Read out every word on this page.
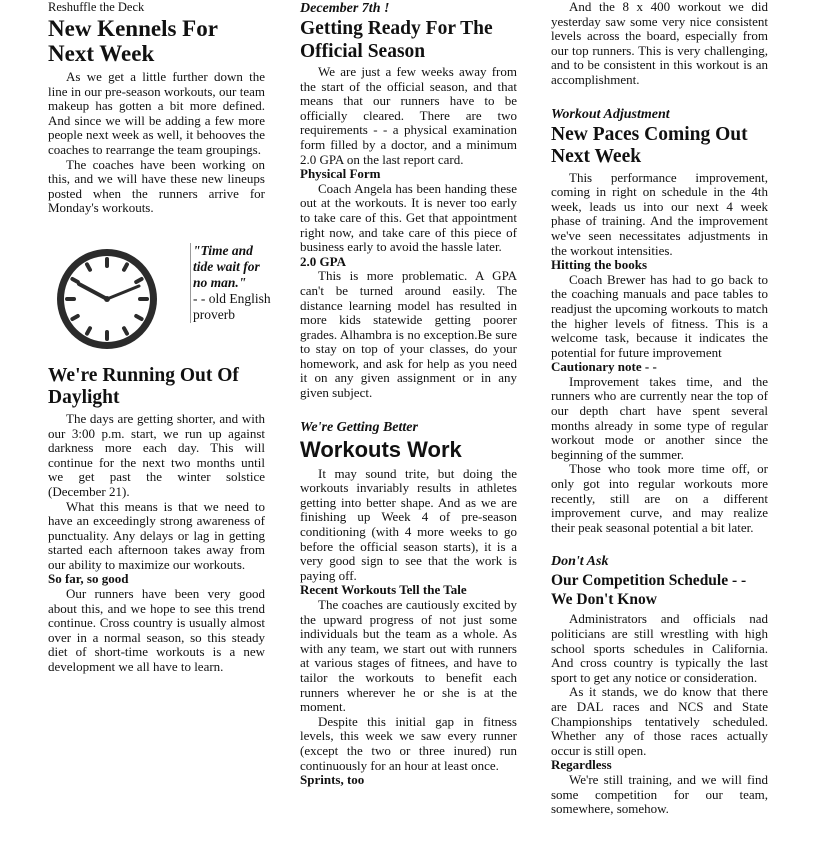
Reshuffle the Deck
New Kennels For Next Week

As we get a little further down the line in our pre-season workouts, our team makeup has gotten a bit more defined. And since we will be adding a few more people next week as well, it behooves the coaches to rearrange the team groupings.

The coaches have been working on this, and we will have these new lineups posted when the runners arrive for Monday's workouts.

"Time and tide wait for no man."
- - old English proverb
We're Running Out Of Daylight

The days are getting shorter, and with our 3:00 p.m. start, we run up against darkness more each day. This will continue for the next two months until we get past the winter solstice (December 21).

What this means is that we need to have an exceedingly strong awareness of punctuality. Any delays or lag in getting started each afternoon takes away from our ability to maximize our workouts.

So far, so good

Our runners have been very good about this, and we hope to see this trend continue. Cross country is usually almost over in a normal season, so this steady diet of short-time workouts is a new development we all have to learn.

December 7th !
Getting Ready For The Official Season

We are just a few weeks away from the start of the official season, and that means that our runners have to be officially cleared. There are two requirements - - a physical examination form filled by a doctor, and a minimum 2.0 GPA on the last report card.

Physical Form

Coach Angela has been handing these out at the workouts. It is never too early to take care of this. Get that appointment right now, and take care of this piece of business early to avoid the hassle later.

2.0 GPA

This is more problematic. A GPA can't be turned around easily. The distance learning model has resulted in more kids statewide getting poorer grades. Alhambra is no exception.Be sure to stay on top of your classes, do your homework, and ask for help as you need it on any given assignment or in any given subject.

We're Getting Better
Workouts Work

It may sound trite, but doing the workouts invariably results in athletes getting into better shape. And as we are finishing up Week 4 of pre-season conditioning (with 4 more weeks to go before the official season starts), it is a very good sign to see that the work is paying off.

Recent Workouts Tell the Tale

The coaches are cautiously excited by the upward progress of not just some individuals but the team as a whole. As with any team, we start out with runners at various stages of fitnees, and have to tailor the workouts to benefit each runners wherever he or she is at the moment.

Despite this initial gap in fitness levels, this week we saw every runner (except the two or three inured) run continuously for an hour at least once.

Sprints, too

And the 8 x 400 workout we did yesterday saw some very nice consistent levels across the board, especially from our top runners. This is very challenging, and to be consistent in this workout is an accomplishment.

Workout Adjustment
New Paces Coming Out Next Week

This performance improvement, coming in right on schedule in the 4th week, leads us into our next 4 week phase of training. And the improvement we've seen necessitates adjustments in the workout intensities.

Hitting the books

Coach Brewer has had to go back to the coaching manuals and pace tables to readjust the upcoming workouts to match the higher levels of fitness. This is a welcome task, because it indicates the potential for future improvement

Cautionary note - -

Improvement takes time, and the runners who are currently near the top of our depth chart have spent several months already in some type of regular workout mode or another since the beginning of the summer.

Those who took more time off, or only got into regular workouts more recently, still are on a different improvement curve, and may realize their peak seasonal potential a bit later.

Don't Ask
Our Competition Schedule - - We Don't Know

Administrators and officials nad politicians are still wrestling with high school sports schedules in California. And cross country is typically the last sport to get any notice or consideration.

As it stands, we do know that there are DAL races and NCS and State Championships tentatively scheduled. Whether any of those races actually occur is still open.

Regardless

We're still training, and we will find some competition for our team, somewhere, somehow.
